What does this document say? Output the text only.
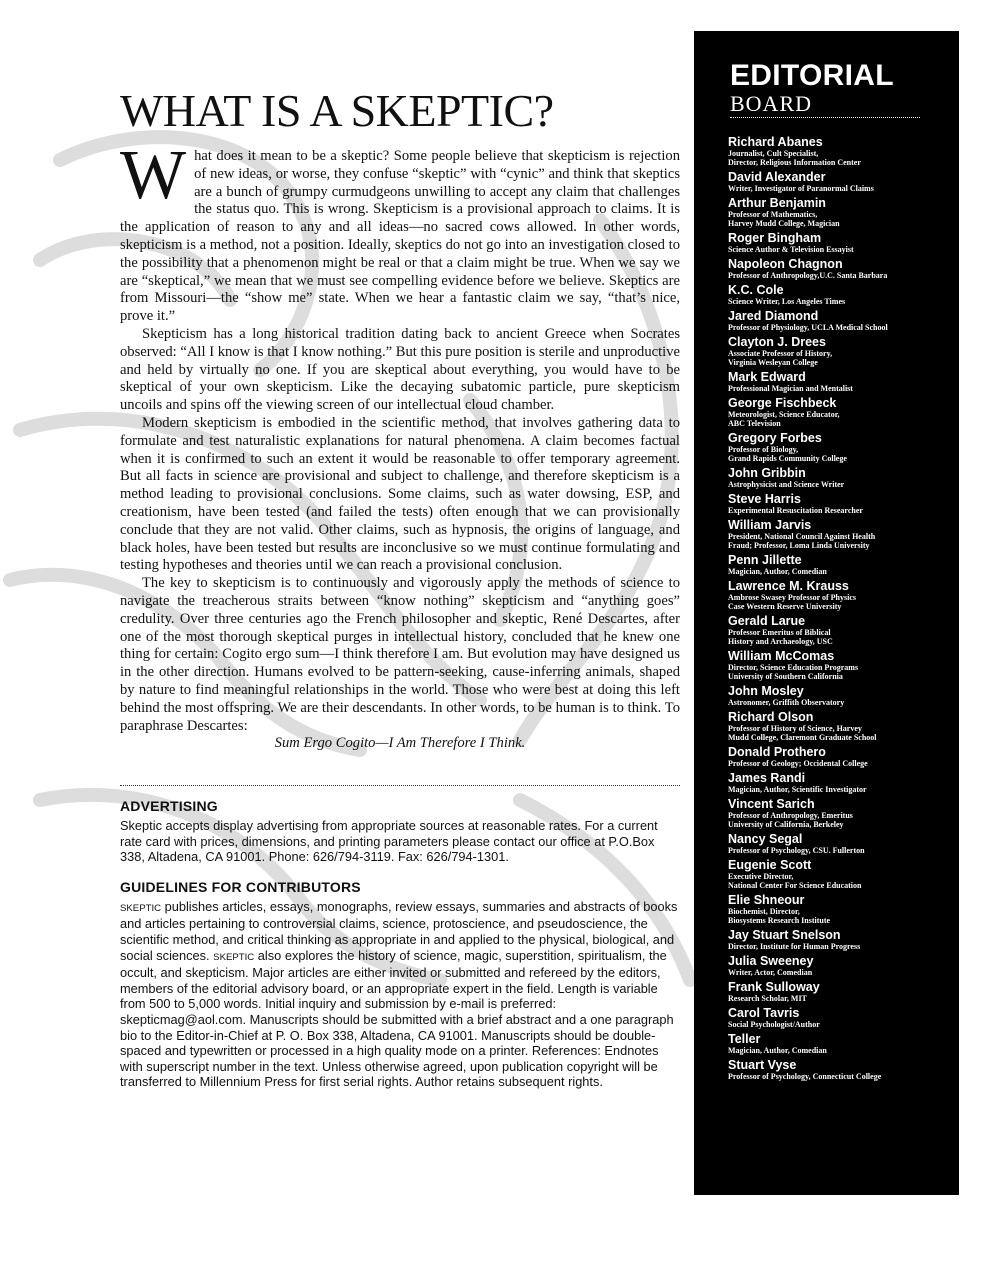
WHAT IS A SKEPTIC?

What does it mean to be a skeptic? Some people believe that skepticism is rejection of new ideas, or worse, they confuse “skeptic” with “cynic” and think that skeptics are a bunch of grumpy curmudgeons unwilling to accept any claim that challenges the status quo. This is wrong. Skepticism is a provisional approach to claims. It is the application of reason to any and all ideas—no sacred cows allowed. In other words, skepticism is a method, not a position. Ideally, skeptics do not go into an investigation closed to the possibility that a phenomenon might be real or that a claim might be true. When we say we are “skeptical,” we mean that we must see compelling evidence before we believe. Skeptics are from Missouri—the “show me” state. When we hear a fantastic claim we say, “that’s nice, prove it.”

Skepticism has a long historical tradition dating back to ancient Greece when Socrates observed: “All I know is that I know nothing.” But this pure position is sterile and unproductive and held by virtually no one. If you are skeptical about everything, you would have to be skeptical of your own skepticism. Like the decaying subatomic particle, pure skepticism uncoils and spins off the viewing screen of our intellectual cloud chamber.

Modern skepticism is embodied in the scientific method, that involves gathering data to formulate and test naturalistic explanations for natural phenomena. A claim becomes factual when it is confirmed to such an extent it would be reasonable to offer temporary agreement. But all facts in science are provisional and subject to challenge, and therefore skepticism is a method leading to provisional conclusions. Some claims, such as water dowsing, ESP, and creationism, have been tested (and failed the tests) often enough that we can provisionally conclude that they are not valid. Other claims, such as hypnosis, the origins of language, and black holes, have been tested but results are inconclusive so we must continue formulating and testing hypotheses and theories until we can reach a provisional conclusion.

The key to skepticism is to continuously and vigorously apply the methods of science to navigate the treacherous straits between “know nothing” skepticism and “anything goes” credulity. Over three centuries ago the French philosopher and skeptic, René Descartes, after one of the most thorough skeptical purges in intellectual history, concluded that he knew one thing for certain: Cogito ergo sum—I think therefore I am. But evolution may have designed us in the other direction. Humans evolved to be pattern-seeking, cause-inferring animals, shaped by nature to find meaningful relationships in the world. Those who were best at doing this left behind the most offspring. We are their descendants. In other words, to be human is to think. To paraphrase Descartes:

Sum Ergo Cogito—I Am Therefore I Think.
ADVERTISING

Skeptic accepts display advertising from appropriate sources at reasonable rates. For a current rate card with prices, dimensions, and printing parameters please contact our office at P.O.Box 338, Altadena, CA 91001. Phone: 626/794-3119. Fax: 626/794-1301.

GUIDELINES FOR CONTRIBUTORS

SKEPTIC publishes articles, essays, monographs, review essays, summaries and abstracts of books and articles pertaining to controversial claims, science, protoscience, and pseudoscience, the scientific method, and critical thinking as appropriate in and applied to the physical, biological, and social sciences. SKEPTIC also explores the history of science, magic, superstition, spiritualism, the occult, and skepticism. Major articles are either invited or submitted and refereed by the editors, members of the editorial advisory board, or an appropriate expert in the field. Length is variable from 500 to 5,000 words. Initial inquiry and submission by e-mail is preferred: skepticmag@aol.com. Manuscripts should be submitted with a brief abstract and a one paragraph bio to the Editor-in-Chief at P. O. Box 338, Altadena, CA 91001. Manuscripts should be double-spaced and typewritten or processed in a high quality mode on a printer. References: Endnotes with superscript number in the text. Unless otherwise agreed, upon publication copyright will be transferred to Millennium Press for first serial rights. Author retains subsequent rights.

EDITORIAL
BOARD
Richard Abanes
Journalist, Cult Specialist,
Director, Religious Information Center
David Alexander
Writer, Investigator of Paranormal Claims
Arthur Benjamin
Professor of Mathematics,
Harvey Mudd College, Magician
Roger Bingham
Science Author & Television Essayist
Napoleon Chagnon
Professor of Anthropology,U.C. Santa Barbara
K.C. Cole
Science Writer, Los Angeles Times
Jared Diamond
Professor of Physiology, UCLA Medical School
Clayton J. Drees
Associate Professor of History,
Virginia Wesleyan College
Mark Edward
Professional Magician and Mentalist
George Fischbeck
Meteorologist, Science Educator,
ABC Television
Gregory Forbes
Professor of Biology,
Grand Rapids Community College
John Gribbin
Astrophysicist and Science Writer
Steve Harris
Experimental Resuscitation Researcher
William Jarvis
President, National Council Against Health
Fraud; Professor, Loma Linda University
Penn Jillette
Magician, Author, Comedian
Lawrence M. Krauss
Ambrose Swasey Professor of Physics
Case Western Reserve University
Gerald Larue
Professor Emeritus of Biblical
History and Archaeology, USC
William McComas
Director, Science Education Programs
University of Southern California
John Mosley
Astronomer, Griffith Observatory
Richard Olson
Professor of History of Science, Harvey
Mudd College, Claremont Graduate School
Donald Prothero
Professor of Geology; Occidental College
James Randi
Magician, Author, Scientific Investigator
Vincent Sarich
Professor of Anthropology, Emeritus
University of California, Berkeley
Nancy Segal
Professor of Psychology, CSU. Fullerton
Eugenie Scott
Executive Director,
National Center For Science Education
Elie Shneour
Biochemist, Director,
Biosystems Research Institute
Jay Stuart Snelson
Director, Institute for Human Progress
Julia Sweeney
Writer, Actor, Comedian
Frank Sulloway
Research Scholar, MIT
Carol Tavris
Social Psychologist/Author
Teller
Magician, Author, Comedian
Stuart Vyse
Professor of Psychology, Connecticut College
